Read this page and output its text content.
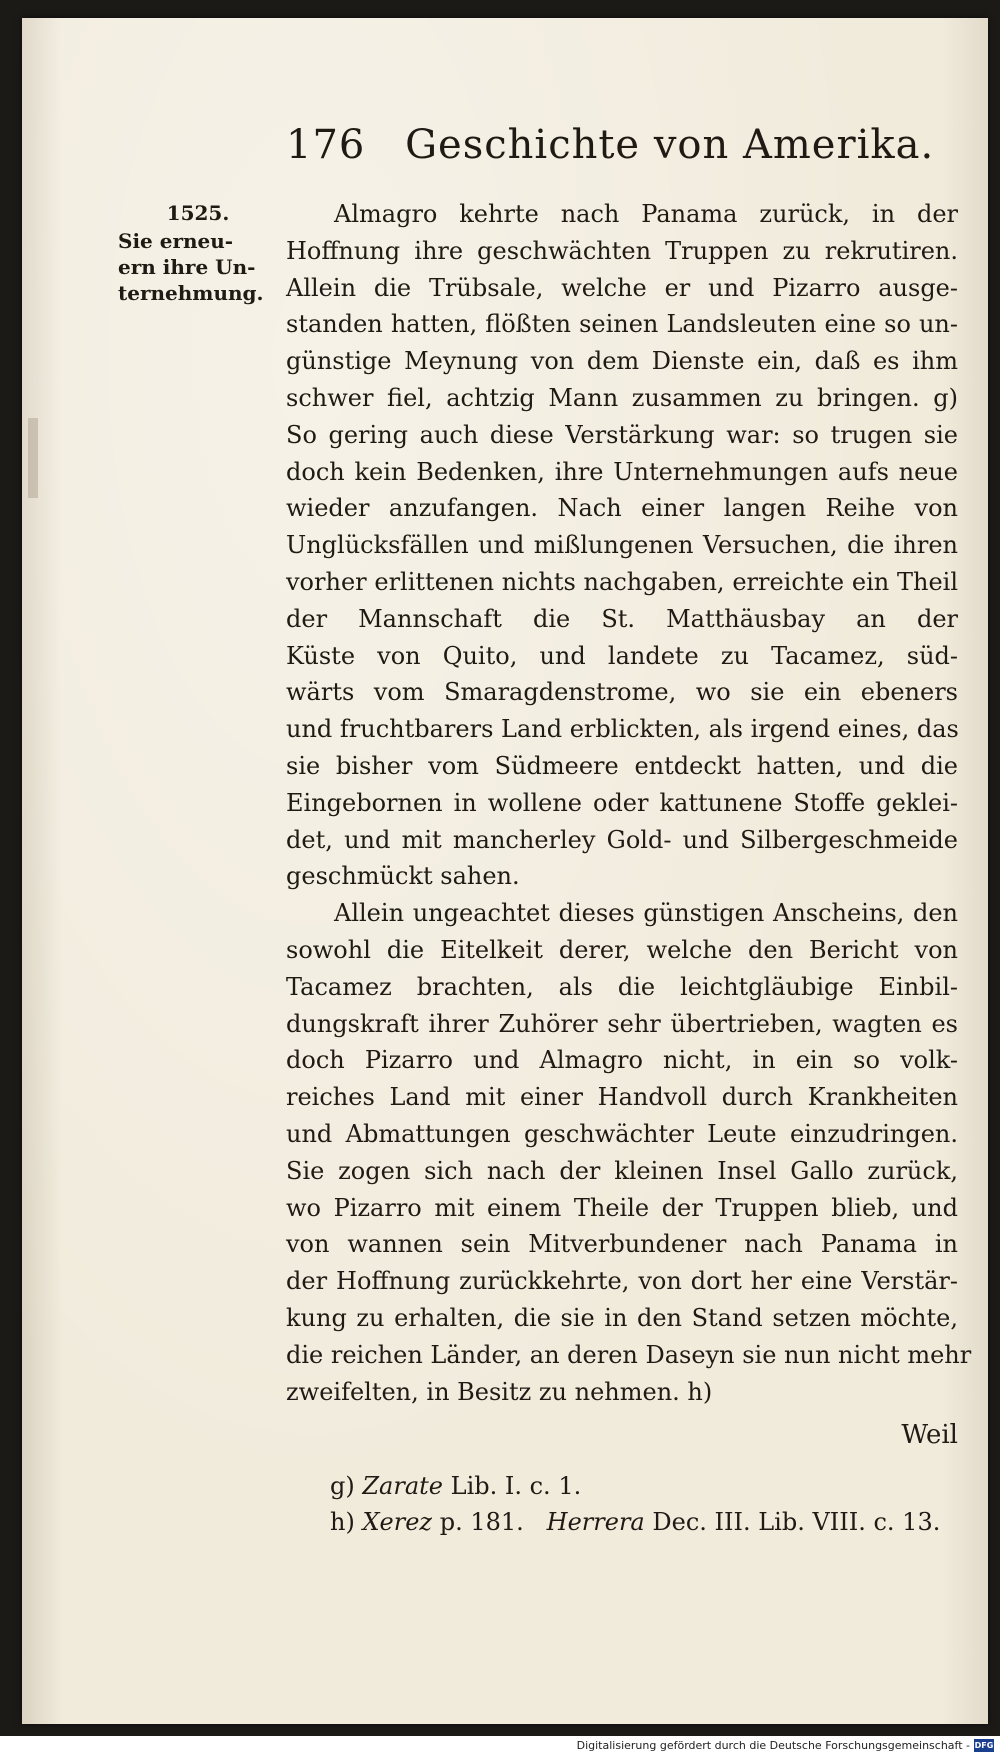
176 Geschichte von Amerika.
1525.
Sie erneu-
ern ihre Un-
ternehmung.
Almagro kehrte nach Panama zurück, in der
Hoffnung ihre geschwächten Truppen zu rekrutiren.
Allein die Trübsale, welche er und Pizarro ausge-
standen hatten, flößten seinen Landsleuten eine so un-
günstige Meynung von dem Dienste ein, daß es ihm
schwer fiel, achtzig Mann zusammen zu bringen. g)
So gering auch diese Verstärkung war: so trugen sie
doch kein Bedenken, ihre Unternehmungen aufs neue
wieder anzufangen. Nach einer langen Reihe von
Unglücksfällen und mißlungenen Versuchen, die ihren
vorher erlittenen nichts nachgaben, erreichte ein Theil
der Mannschaft die St. Matthäusbay an der
Küste von Quito, und landete zu Tacamez, süd-
wärts vom Smaragdenstrome, wo sie ein ebeners
und fruchtbarers Land erblickten, als irgend eines, das
sie bisher vom Südmeere entdeckt hatten, und die
Eingebornen in wollene oder kattunene Stoffe geklei-
det, und mit mancherley Gold- und Silbergeschmeide
geschmückt sahen.
Allein ungeachtet dieses günstigen Anscheins, den
sowohl die Eitelkeit derer, welche den Bericht von
Tacamez brachten, als die leichtgläubige Einbil-
dungskraft ihrer Zuhörer sehr übertrieben, wagten es
doch Pizarro und Almagro nicht, in ein so volk-
reiches Land mit einer Handvoll durch Krankheiten
und Abmattungen geschwächter Leute einzudringen.
Sie zogen sich nach der kleinen Insel Gallo zurück,
wo Pizarro mit einem Theile der Truppen blieb, und
von wannen sein Mitverbundener nach Panama in
der Hoffnung zurückkehrte, von dort her eine Verstär-
kung zu erhalten, die sie in den Stand setzen möchte,
die reichen Länder, an deren Daseyn sie nun nicht mehr
zweifelten, in Besitz zu nehmen. h)
Weil
g) Zarate Lib. I. c. 1.
h) Xerez p. 181. Herrera Dec. III. Lib. VIII. c. 13.
Digitalisierung gefördert durch die Deutsche Forschungsgemeinschaft - DFG
